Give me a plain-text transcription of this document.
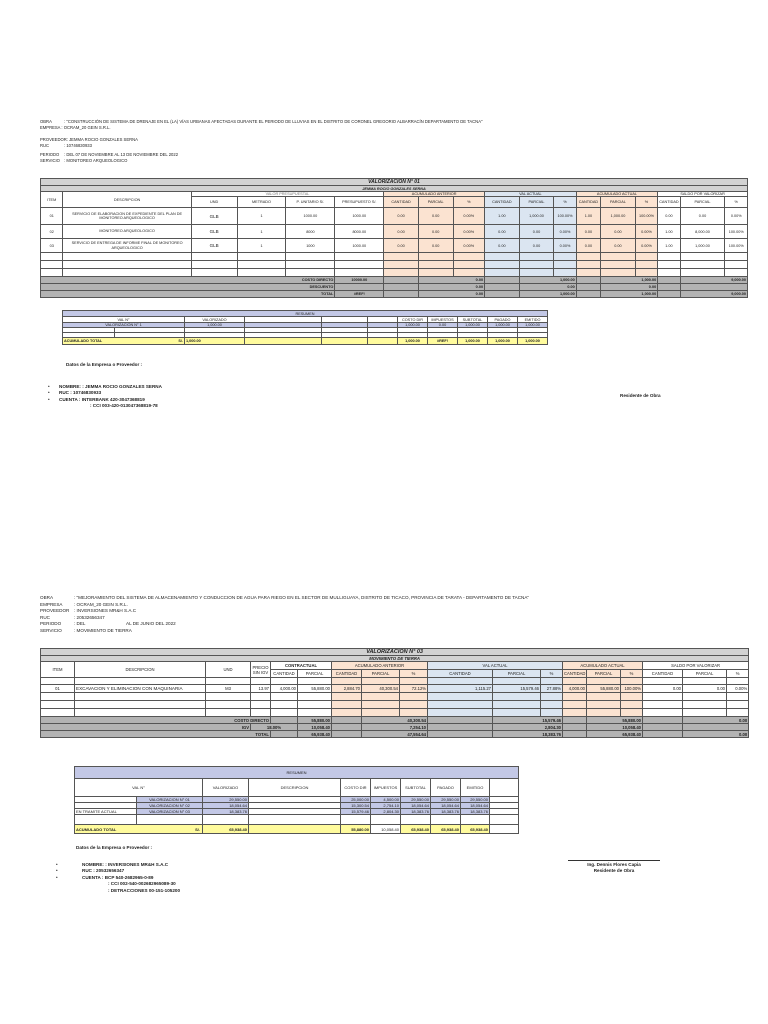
OBRA	: "CONSTRUCCIÓN DE SISTEMA DE DRENAJE EN EL (LA) VÍAS URBANAS AFECTADAS DURANTE EL PERIODO DE LLUVIAS EN EL DISTRITO DE CORONEL GREGORIO ALBARRACÍN DEPARTAMENTO DE TACNA"
EMPRESA : OCRAM_20 GEIN S.R.L.
PROVEEDOR: JEMMA ROCIO GONZALES SERNA
RUC	: 10746830933
PERIODO	: DEL 07 DE NOVIEMBRE AL 13 DE NOVIEMBRE DEL 2022
SERVICIO : MONITOREO ARQUEOLOGICO
VALORIZACION N° 01																	
JEMMA ROCIO GONZALES SERNA																	
ITEM	DESCRIPCION	VALOR PRESUPUESTAL				ACUMULADO ANTERIOR			VAL ACTUAL			ACUMULADO ACTUAL			SALDO POR VALORIZAR		
		UND	METRADO	P. UNITARIO S/.	PRESUPUESTO S/.	CANTIDAD	PARCIAL	%	CANTIDAD	PARCIAL	%	CANTIDAD	PARCIAL	%	CANTIDAD	PARCIAL	%
01	SERVICIO DE ELABORACION DE EXPEDIENTE DEL PLAN DE MONITOREO ARQUEOLOGICO	GLB	1	1000.00	1000.00	0.00	0.00	0.00%	1.00	1,000.00	100.00%	1.00	1,000.00	100.00%	0.00	0.00	0.00%
02	MONITOREO ARQUEOLOGICO	GLB	1	8000	8000.00	0.00	0.00	0.00%	0.00	0.00	0.00%	0.00	0.00	0.00%	1.00	8,000.00	100.00%
03	SERVICIO DE ENTREGA DE INFORME FINAL DE MONITOREO ARQUEOLOGICO	GLB	1	1000	1000.00	0.00	0.00	0.00%	0.00	0.00	0.00%	0.00	0.00	0.00%	1.00	1,000.00	100.00%

COSTO DIRECTO					10000.00		0.00			1,000.00			1,000.00			9,000.00	
DESCUENTO							0.00			0.00			0.00				
TOTAL					#REF!		0.00			1,000.00			1,000.00			9,000.00	
RESUMEN										
VAL N°		VALORIZADO				COSTO DIR	IMPUESTOS	SUBTOTAL	PAGADO	EMITIDO
VALORIZACION N° 1		1,000.00				1,000.00	0.00	1,000.00	1,000.00	1,000.00

ACUMULADO TOTAL S/.		1,000.00				1,000.00	#REF!	1,000.00	1,000.00	1,000.00
Datos de la Empresa o Proveedor :
• NOMBRE: : JEMMA ROCIO GONZALES SERNA
• RUC : 10746830933
• CUENTA : INTERBANK 420-3047368819
: CCI 003-420-013047368819-78
Residente de Obra
OBRA	: "MEJORAMIENTO DEL SISTEMA DE ALMACENAMIENTO Y CONDUCCION DE AGUA PARA RIEGO EN EL SECTOR DE MULLIGUAYA, DISTRITO DE TICACO, PROVINCIA DE TARATA - DEPARTAMENTO DE TACNA"
EMPRESA	: OCRAM_20 GEIN S.R.L.
PROVEEDOR	: INVERSIONES MR&H S.A.C
RUC	: 20532656347
PERIODO	: DEL	AL DE JUNIO DEL 2022
SERVICIO	: MOVIMIENTO DE TIERRA
VALORIZACION N° 03																	
MOVIMIENTO DE TIERRA																	
ITEM	DESCRIPCION	UND	PRECIO SIN IGV	CONTRACTUAL		ACUMULADO ANTERIOR			VAL ACTUAL			ACUMULADO ACTUAL			SALDO POR VALORIZAR		
				CANTIDAD	PARCIAL	CANTIDAD	PARCIAL	%	CANTIDAD	PARCIAL	%	CANTIDAD	PARCIAL	%	CANTIDAD	PARCIAL	%

01	EXCAVACION Y ELIMINACION CON MAQUINARIA	M3	13.97	4,000.00	55,880.00	2,884.70	40,300.54	72.12%	1,115.27	15,579.46	27.88%	4,000.00	55,880.00	100.00%	0.00	0.00	0.00%

COSTO DIRECTO					55,880.00		40,300.54			15,579.46			55,880.00			0.00	
IGV			18.00%		10,058.40		7,254.10			2,804.30			10,058.40				
TOTAL					65,938.40		47,554.64			18,383.76			65,938.40			0.00	
RESUMEN									
VAL N°		VALORIZADO	DESCRIPCION	COSTO DIR	IMPUESTOS	SUBTOTAL	PAGADO	EMITIDO	
	VALORIZACION N° 01	29,550.00		25,000.00	4,500.00	29,550.00	29,550.00	29,550.00	
	VALORIZACION N° 02	18,054.64		15,300.54	2,754.10	18,054.64	18,054.64	18,054.64	
EN TRAMITE ACTUAL	VALORIZACION N° 03	18,383.76		15,579.46	2,804.30	18,383.76	18,383.76	18,383.76	

ACUMULADO TOTAL S/.		65,938.40		55,880.00	10,058.40	65,938.40	65,938.40	65,938.40	
Datos de la Empresa o Proveedor :
•	NOMBRE: : INVERSIONES MR&H S.A.C
•	RUC : 20532656347
•	CUENTA : BCP 540-2682965-0-89
: CCI 002-540-002682965089-30
: DETRACCIONES 00-151-105200
Ing. Dennis Flores Capia
Residente de Obra
